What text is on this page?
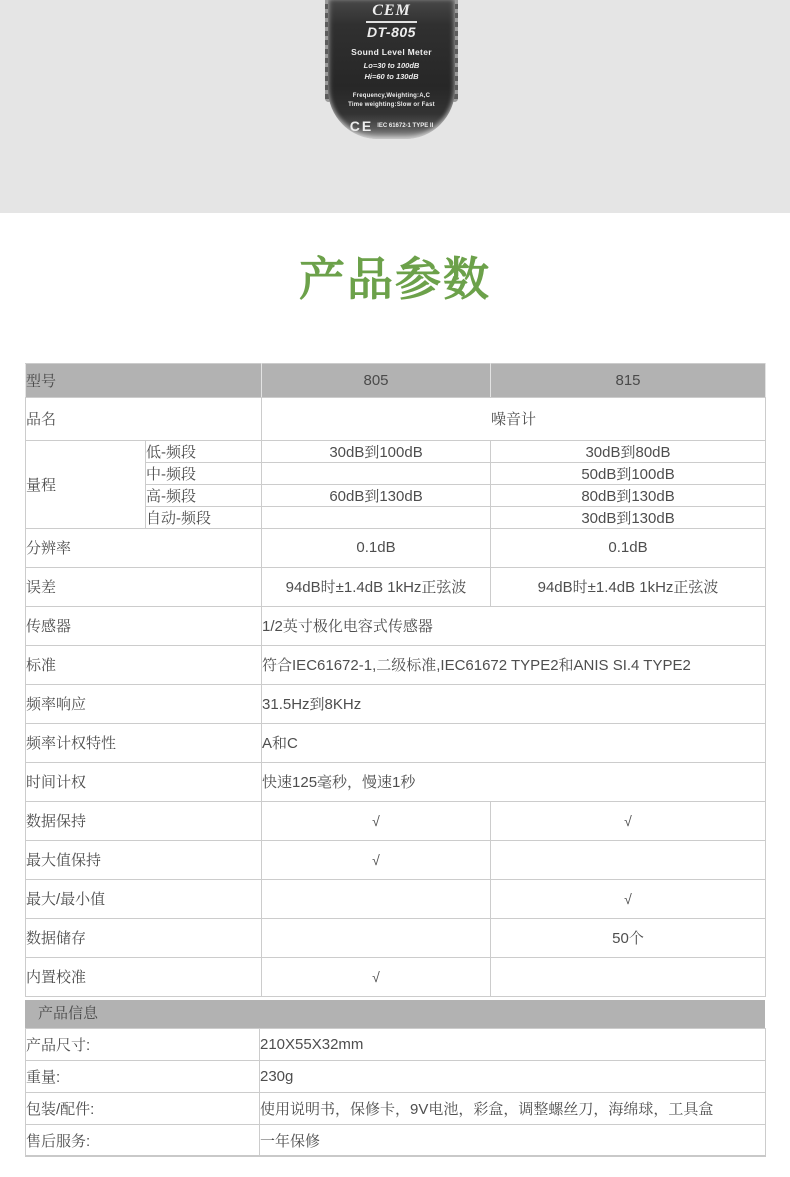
CEM
DT-805
Sound Level Meter
Lo=30 to 100dB
Hi=60 to 130dB
Frequency,Weighting:A,C
Time weighting:Slow or Fast
CE IEC 61672-1 TYPE II
产品参数
型号		805	815
品名		噪音计	
量程	低-频段	30dB到100dB	30dB到80dB
	中-频段		50dB到100dB
	高-频段	60dB到130dB	80dB到130dB
	自动-频段		30dB到130dB
分辨率		0.1dB	0.1dB
误差		94dB时±1.4dB 1kHz正弦波	94dB时±1.4dB 1kHz正弦波
传感器		1/2英寸极化电容式传感器	
标准		符合IEC61672-1,二级标准,IEC61672 TYPE2和ANIS SI.4 TYPE2	
频率响应		31.5Hz到8KHz	
频率计权特性		A和C	
时间计权		快速125毫秒，慢速1秒	
数据保持		√	√
最大值保持		√	
最大/最小值			√
数据储存			50个
内置校准		√	
产品信息
产品尺寸:	210X55X32mm
重量:	230g
包装/配件:	使用说明书，保修卡，9V电池，彩盒，调整螺丝刀，海绵球，工具盒
售后服务:	一年保修
